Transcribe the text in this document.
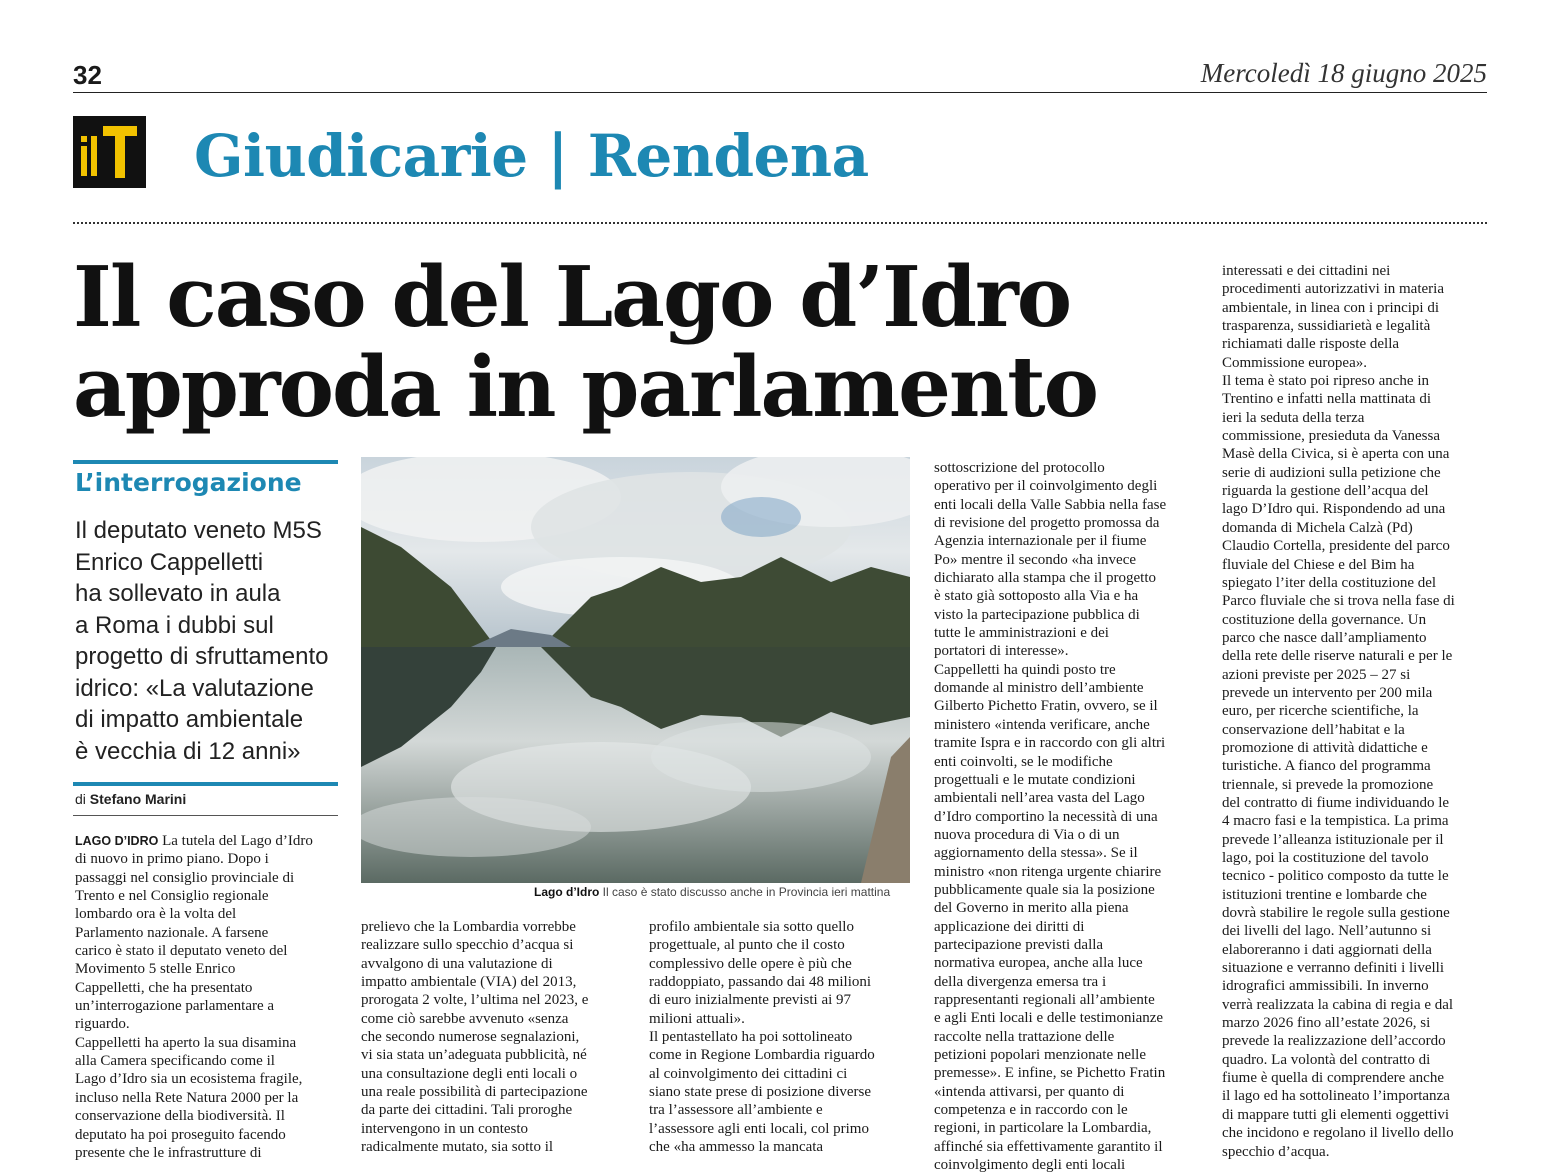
32	Mercoledì 18 giugno 2025
Giudicarie | Rendena
Il caso del Lago d’Idro
approda in parlamento
L’interrogazione
Il deputato veneto M5S
Enrico Cappelletti
ha sollevato in aula
a Roma i dubbi sul
progetto di sfruttamento
idrico: «La valutazione
di impatto ambientale
è vecchia di 12 anni»
di Stefano Marini
LAGO D’IDRO La tutela del Lago d’Idro
di nuovo in primo piano. Dopo i
passaggi nel consiglio provinciale di
Trento e nel Consiglio regionale
lombardo ora è la volta del
Parlamento nazionale. A farsene
carico è stato il deputato veneto del
Movimento 5 stelle Enrico
Cappelletti, che ha presentato
un’interrogazione parlamentare a
riguardo.
Cappelletti ha aperto la sua disamina
alla Camera specificando come il
Lago d’Idro sia un ecosistema fragile,
incluso nella Rete Natura 2000 per la
conservazione della biodiversità. Il
deputato ha poi proseguito facendo
presente che le infrastrutture di
prelievo che la Lombardia vorrebbe
realizzare sullo specchio d’acqua si
avvalgono di una valutazione di
impatto ambientale (VIA) del 2013,
prorogata 2 volte, l’ultima nel 2023, e
come ciò sarebbe avvenuto «senza
che secondo numerose segnalazioni,
vi sia stata un’adeguata pubblicità, né
una consultazione degli enti locali o
una reale possibilità di partecipazione
da parte dei cittadini. Tali proroghe
intervengono in un contesto
radicalmente mutato, sia sotto il
profilo ambientale sia sotto quello
progettuale, al punto che il costo
complessivo delle opere è più che
raddoppiato, passando dai 48 milioni
di euro inizialmente previsti ai 97
milioni attuali».
Il pentastellato ha poi sottolineato
come in Regione Lombardia riguardo
al coinvolgimento dei cittadini ci
siano state prese di posizione diverse
tra l’assessore all’ambiente e
l’assessore agli enti locali, col primo
che «ha ammesso la mancata
sottoscrizione del protocollo
operativo per il coinvolgimento degli
enti locali della Valle Sabbia nella fase
di revisione del progetto promossa da
Agenzia internazionale per il fiume
Po» mentre il secondo «ha invece
dichiarato alla stampa che il progetto
è stato già sottoposto alla Via e ha
visto la partecipazione pubblica di
tutte le amministrazioni e dei
portatori di interesse».
Cappelletti ha quindi posto tre
domande al ministro dell’ambiente
Gilberto Pichetto Fratin, ovvero, se il
ministero «intenda verificare, anche
tramite Ispra e in raccordo con gli altri
enti coinvolti, se le modifiche
progettuali e le mutate condizioni
ambientali nell’area vasta del Lago
d’Idro comportino la necessità di una
nuova procedura di Via o di un
aggiornamento della stessa». Se il
ministro «non ritenga urgente chiarire
pubblicamente quale sia la posizione
del Governo in merito alla piena
applicazione dei diritti di
partecipazione previsti dalla
normativa europea, anche alla luce
della divergenza emersa tra i
rappresentanti regionali all’ambiente
e agli Enti locali e delle testimonianze
raccolte nella trattazione delle
petizioni popolari menzionate nelle
premesse». E infine, se Pichetto Fratin
«intenda attivarsi, per quanto di
competenza e in raccordo con le
regioni, in particolare la Lombardia,
affinché sia effettivamente garantito il
coinvolgimento degli enti locali
interessati e dei cittadini nei
procedimenti autorizzativi in materia
ambientale, in linea con i principi di
trasparenza, sussidiarietà e legalità
richiamati dalle risposte della
Commissione europea».
Il tema è stato poi ripreso anche in
Trentino e infatti nella mattinata di
ieri la seduta della terza
commissione, presieduta da Vanessa
Masè della Civica, si è aperta con una
serie di audizioni sulla petizione che
riguarda la gestione dell’acqua del
lago D’Idro qui. Rispondendo ad una
domanda di Michela Calzà (Pd)
Claudio Cortella, presidente del parco
fluviale del Chiese e del Bim ha
spiegato l’iter della costituzione del
Parco fluviale che si trova nella fase di
costituzione della governance. Un
parco che nasce dall’ampliamento
della rete delle riserve naturali e per le
azioni previste per 2025 – 27 si
prevede un intervento per 200 mila
euro, per ricerche scientifiche, la
conservazione dell’habitat e la
promozione di attività didattiche e
turistiche. A fianco del programma
triennale, si prevede la promozione
del contratto di fiume individuando le
4 macro fasi e la tempistica. La prima
prevede l’alleanza istituzionale per il
lago, poi la costituzione del tavolo
tecnico - politico composto da tutte le
istituzioni trentine e lombarde che
dovrà stabilire le regole sulla gestione
dei livelli del lago. Nell’autunno si
elaboreranno i dati aggiornati della
situazione e verranno definiti i livelli
idrografici ammissibili. In inverno
verrà realizzata la cabina di regia e dal
marzo 2026 fino all’estate 2026, si
prevede la realizzazione dell’accordo
quadro. La volontà del contratto di
fiume è quella di comprendere anche
il lago ed ha sottolineato l’importanza
di mappare tutti gli elementi oggettivi
che incidono e regolano il livello dello
specchio d’acqua.
Lago d’Idro Il caso è stato discusso anche in Provincia ieri mattina
